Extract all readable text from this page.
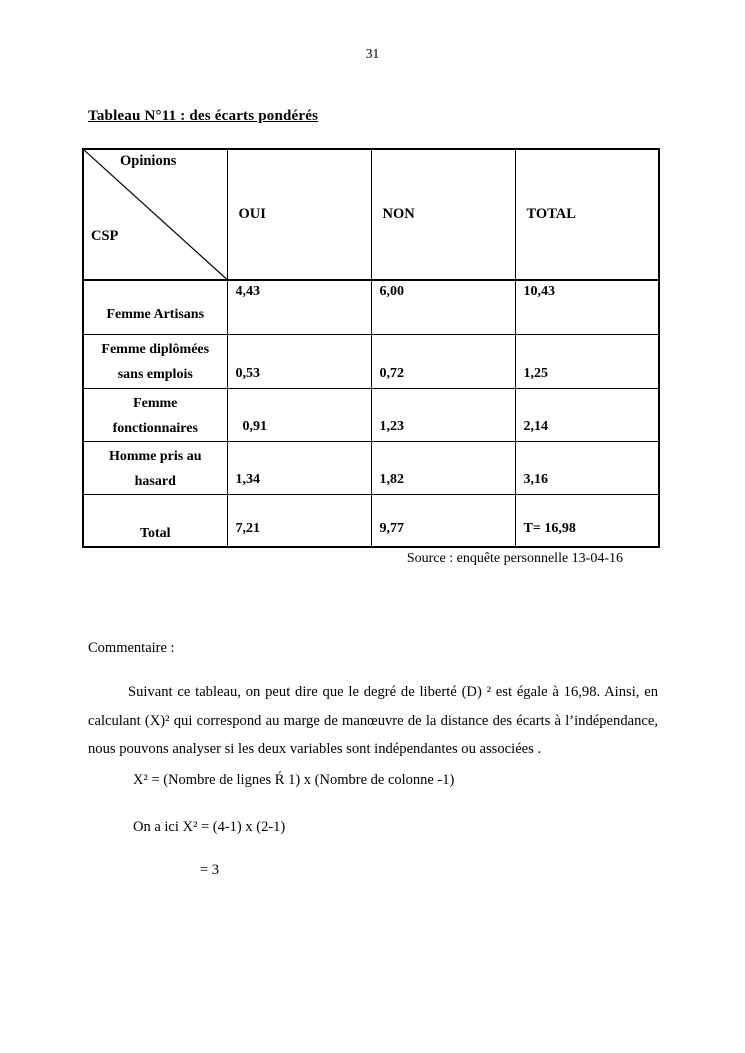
31
Tableau N°11 : des écarts pondérés
Opinions
CSP	OUI	NON	TOTAL

Femme Artisans	4,43	6,00	10,43

Femme diplômées
sans emplois	0,53	0,72	1,25

Femme
fonctionnaires	0,91	1,23	2,14

Homme pris au
hasard	1,34	1,82	3,16

Total	7,21	9,77	T= 16,98
Source : enquête personnelle 13-04-16
Commentaire :
Suivant ce tableau, on peut dire que le degré de liberté (D) ² est égale à 16,98. Ainsi, en calculant (X)² qui correspond au marge de manœuvre de la distance des écarts à l’indépendance, nous pouvons analyser si les deux variables sont indépendantes ou associées .
X² = (Nombre de lignes Ŕ 1) x (Nombre de colonne -1)
On a ici X² = (4-1) x (2-1)
= 3
